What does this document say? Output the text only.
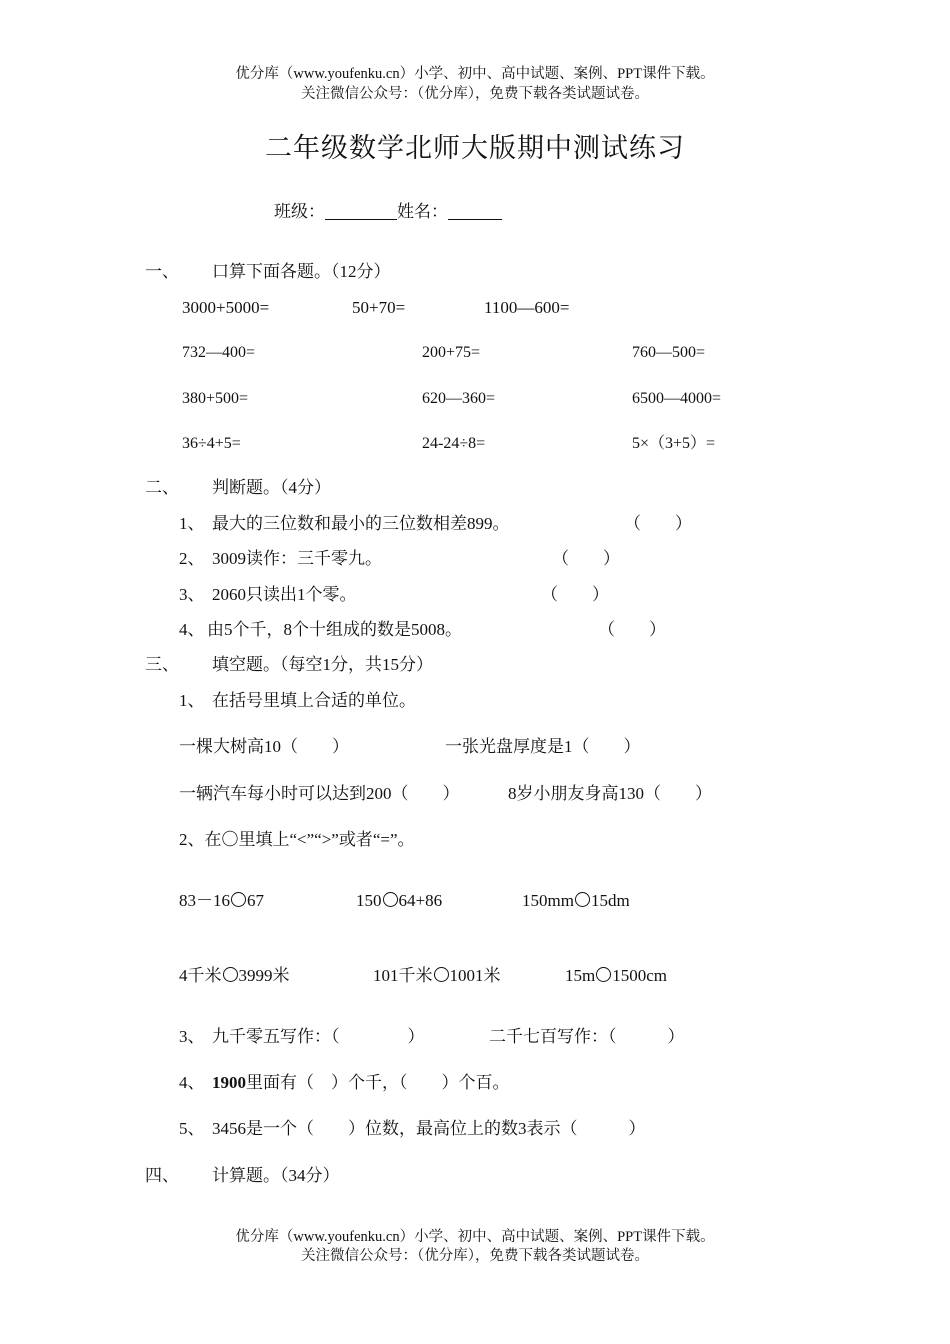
优分库（www.youfenku.cn）小学、初中、高中试题、案例、PPT课件下载。
关注微信公众号：（优分库），免费下载各类试题试卷。
二年级数学北师大版期中测试练习
班级：	姓名：
一、 口算下面各题。（12分）
3000+5000=	50+70=	1100—600=
732—400=	200+75=	760—500=
380+500=	620—360=	6500—4000=
36÷4+5=	24-24÷8=	5×（3+5）=
二、 判断题。（4分）
1、 最大的三位数和最小的三位数相差899。	（　　）
2、 3009读作：三千零九。	（　　）
3、 2060只读出1个零。	（　　）
4、 由5个千，8个十组成的数是5008。	（　　）
三、 填空题。（每空1分，共15分）
1、 在括号里填上合适的单位。
一棵大树高10（　　）	一张光盘厚度是1（　　）
一辆汽车每小时可以达到200（　　）	8岁小朋友身高130（　　）
2、在〇里填上“<”“>”或者“=”。
83－16 67	150 64+86	150mm 15dm
4千米 3999米	101千米 1001米	15m 1500cm
3、 九千零五写作：（　　　　）	二千七百写作：（　　　）
4、 1900里面有（　）个千，（　　）个百。
5、 3456是一个（　　）位数，最高位上的数3表示（　　　）
四、 计算题。（34分）
优分库（www.youfenku.cn）小学、初中、高中试题、案例、PPT课件下载。
关注微信公众号：（优分库），免费下载各类试题试卷。
